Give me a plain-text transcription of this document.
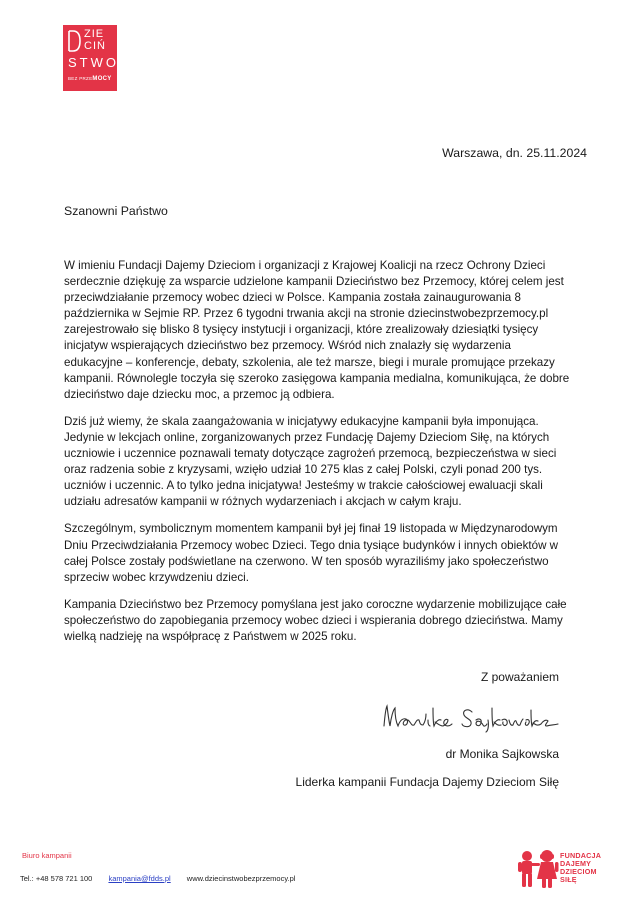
ZIE
CIŃ
STWO
BEZ PRZEMOCY
Warszawa, dn. 25.11.2024
Szanowni Państwo

W imieniu Fundacji Dajemy Dzieciom i organizacji z Krajowej Koalicji na rzecz Ochrony Dzieci serdecznie dziękuję za wsparcie udzielone kampanii Dzieciństwo bez Przemocy, której celem jest przeciwdziałanie przemocy wobec dzieci w Polsce. Kampania została zainaugurowania 8 października w Sejmie RP. Przez 6 tygodni trwania akcji na stronie dziecinstwobezprzemocy.pl zarejestrowało się blisko 8 tysięcy instytucji i organizacji, które zrealizowały dziesiątki tysięcy inicjatyw wspierających dzieciństwo bez przemocy. Wśród nich znalazły się wydarzenia edukacyjne – konferencje, debaty, szkolenia, ale też marsze, biegi i murale promujące przekazy kampanii. Równolegle toczyła się szeroko zasięgowa kampania medialna, komunikująca, że dobre dzieciństwo daje dziecku moc, a przemoc ją odbiera.

Dziś już wiemy, że skala zaangażowania w inicjatywy edukacyjne kampanii była imponująca. Jedynie w lekcjach online, zorganizowanych przez Fundację Dajemy Dzieciom Siłę, na których uczniowie i uczennice poznawali tematy dotyczące zagrożeń przemocą, bezpieczeństwa w sieci oraz radzenia sobie z kryzysami, wzięło udział 10 275 klas z całej Polski, czyli ponad 200 tys. uczniów i uczennic. A to tylko jedna inicjatywa! Jesteśmy w trakcie całościowej ewaluacji skali udziału adresatów kampanii w różnych wydarzeniach i akcjach w całym kraju.

Szczególnym, symbolicznym momentem kampanii był jej finał 19 listopada w Międzynarodowym Dniu Przeciwdziałania Przemocy wobec Dzieci. Tego dnia tysiące budynków i innych obiektów w całej Polsce zostały podświetlane na czerwono. W ten sposób wyraziliśmy jako społeczeństwo sprzeciw wobec krzywdzeniu dzieci.

Kampania Dzieciństwo bez Przemocy pomyślana jest jako coroczne wydarzenie mobilizujące całe społeczeństwo do zapobiegania przemocy wobec dzieci i wspierania dobrego dzieciństwa. Mamy wielką nadzieję na współpracę z Państwem w 2025 roku.

Z poważaniem
dr Monika Sajkowska
Liderka kampanii Fundacja Dajemy Dzieciom Siłę
Biuro kampanii
Tel.: +48 578 721 100 kampania@fdds.pl www.dziecinstwobezprzemocy.pl
FUNDACJA
DAJEMY
DZIECIOM
SIŁĘ
